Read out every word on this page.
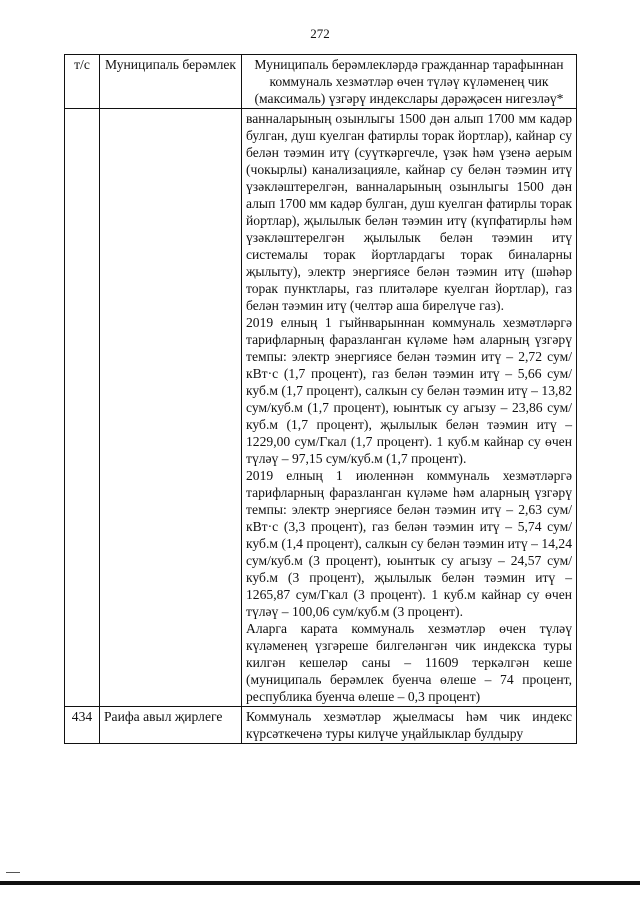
272
т/с	Муниципаль берәмлек	Муниципаль берәмлекләрдә гражданнар тарафыннан коммуналь хезмәтләр өчен түләү күләменең чик (максималь) үзгәрү индекслары дәрәҗәсен нигезләү*

		ванналарының озынлыгы 1500 дән алып 1700 мм кадәр булган, душ куелган фатирлы торак йортлар), кайнар су белән тәэмин итү (суүткәргечле, үзәк һәм үзенә аерым (чокырлы) канализацияле, кайнар су белән тәэмин итү үзәкләштерелгән, ванналарының озынлыгы 1500 дән алып 1700 мм кадәр булган, душ куелган фатирлы торак йортлар), җылылык белән тәэмин итү (күпфатирлы һәм үзәкләштерелгән җылылык белән тәэмин итү системалы торак йортлардагы торак биналарны җылыту), электр энергиясе белән тәэмин итү (шәһәр торак пунктлары, газ плитәләре куелган йортлар), газ белән тәэмин итү (челтәр аша бирелүче газ).

2019 елның 1 гыйнварыннан коммуналь хезмәтләргә тарифларның фаразланган күләме һәм аларның үзгәрү темпы: электр энергиясе белән тәэмин итү – 2,72 сум/кВт·с (1,7 процент), газ белән тәэмин итү – 5,66 сум/куб.м (1,7 процент), салкын су белән тәэмин итү – 13,82 сум/куб.м (1,7 процент), юынтык су агызу – 23,86 сум/куб.м (1,7 процент), җылылык белән тәэмин итү – 1229,00 сум/Гкал (1,7 процент). 1 куб.м кайнар су өчен түләү – 97,15 сум/куб.м (1,7 процент).

2019 елның 1 июленнән коммуналь хезмәтләргә тарифларның фаразланган күләме һәм аларның үзгәрү темпы: электр энергиясе белән тәэмин итү – 2,63 сум/кВт·с (3,3 процент), газ белән тәэмин итү – 5,74 сум/куб.м (1,4 процент), салкын су белән тәэмин итү – 14,24 сум/куб.м (3 процент), юынтык су агызу – 24,57 сум/куб.м (3 процент), җылылык белән тәэмин итү – 1265,87 сум/Гкал (3 процент). 1 куб.м кайнар су өчен түләү – 100,06 сум/куб.м (3 процент).

Аларга карата коммуналь хезмәтләр өчен түләү күләменең үзгәреше билгеләнгән чик индекска туры килгән кешеләр саны – 11609 теркәлгән кеше (муниципаль берәмлек буенча өлеше – 74 процент, республика буенча өлеше – 0,3 процент)

434	Раифа авыл җирлеге	Коммуналь хезмәтләр җыелмасы һәм чик индекс күрсәткеченә туры килүче уңайлыклар булдыру
